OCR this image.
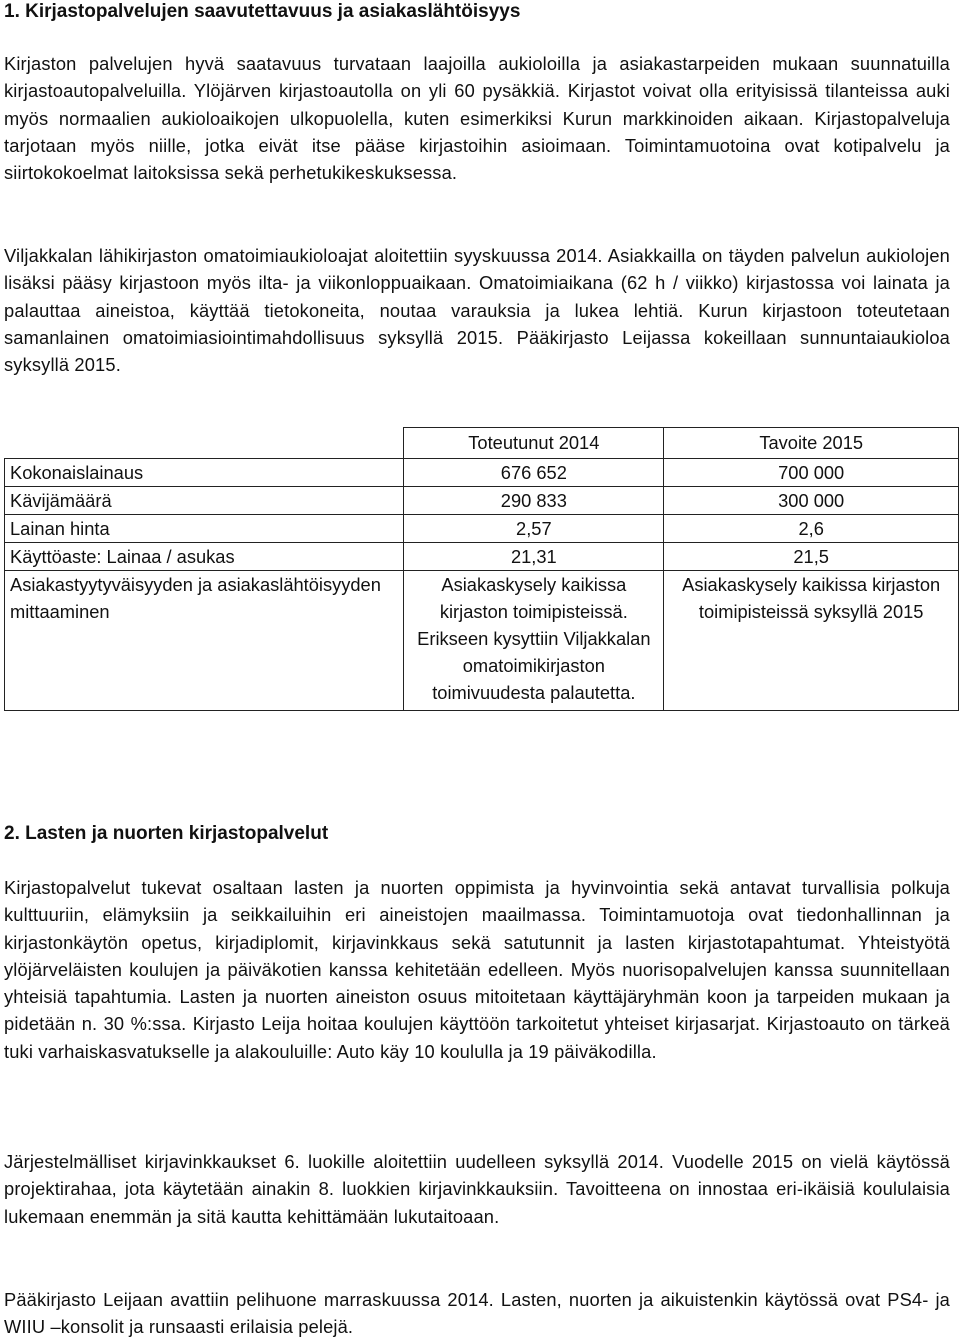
1. Kirjastopalvelujen saavutettavuus ja asiakaslähtöisyys

Kirjaston palvelujen hyvä saatavuus turvataan laajoilla aukioloilla ja asiakastarpeiden mukaan suunnatuilla kirjastoautopalveluilla. Ylöjärven kirjastoautolla on yli 60 pysäkkiä. Kirjastot voivat olla erityisissä tilanteissa auki myös normaalien aukioloaikojen ulkopuolella, kuten esimerkiksi Kurun markkinoiden aikaan. Kirjastopalveluja tarjotaan myös niille, jotka eivät itse pääse kirjastoihin asioimaan. Toimintamuotoina ovat kotipalvelu ja siirtokokoelmat laitoksissa sekä perhetukikeskuksessa.

Viljakkalan lähikirjaston omatoimiaukioloajat aloitettiin syyskuussa 2014. Asiakkailla on täyden palvelun aukiolojen lisäksi pääsy kirjastoon myös ilta- ja viikonloppuaikaan. Omatoimiaikana (62 h / viikko) kirjastossa voi lainata ja palauttaa aineistoa, käyttää tietokoneita, noutaa varauksia ja lukea lehtiä. Kurun kirjastoon toteutetaan samanlainen omatoimiasiointimahdollisuus syksyllä 2015. Pääkirjasto Leijassa kokeillaan sunnuntaiaukioloa syksyllä 2015.

	Toteutunut 2014	Tavoite 2015
Kokonaislainaus	676 652	700 000
Kävijämäärä	290 833	300 000
Lainan hinta	2,57	2,6
Käyttöaste: Lainaa / asukas	21,31	21,5
Asiakastyytyväisyyden ja asiakaslähtöisyyden mittaaminen	Asiakaskysely kaikissa kirjaston toimipisteissä. Erikseen kysyttiin Viljakkalan omatoimikirjaston toimivuudesta palautetta.	Asiakaskysely kaikissa kirjaston toimipisteissä syksyllä 2015
2. Lasten ja nuorten kirjastopalvelut

Kirjastopalvelut tukevat osaltaan lasten ja nuorten oppimista ja hyvinvointia sekä antavat turvallisia polkuja kulttuuriin, elämyksiin ja seikkailuihin eri aineistojen maailmassa. Toimintamuotoja ovat tiedonhallinnan ja kirjastonkäytön opetus, kirjadiplomit, kirjavinkkaus sekä satutunnit ja lasten kirjastotapahtumat. Yhteistyötä ylöjärveläisten koulujen ja päiväkotien kanssa kehitetään edelleen. Myös nuorisopalvelujen kanssa suunnitellaan yhteisiä tapahtumia. Lasten ja nuorten aineiston osuus mitoitetaan käyttäjäryhmän koon ja tarpeiden mukaan ja pidetään n. 30 %:ssa. Kirjasto Leija hoitaa koulujen käyttöön tarkoitetut yhteiset kirjasarjat. Kirjastoauto on tärkeä tuki varhaiskasvatukselle ja alakouluille: Auto käy 10 koululla ja 19 päiväkodilla.

Järjestelmälliset kirjavinkkaukset 6. luokille aloitettiin uudelleen syksyllä 2014. Vuodelle 2015 on vielä käytössä projektirahaa, jota käytetään ainakin 8. luokkien kirjavinkkauksiin. Tavoitteena on innostaa eri-ikäisiä koululaisia lukemaan enemmän ja sitä kautta kehittämään lukutaitoaan.

Pääkirjasto Leijaan avattiin pelihuone marraskuussa 2014. Lasten, nuorten ja aikuistenkin käytössä ovat PS4- ja WIIU –konsolit ja runsaasti erilaisia pelejä.
